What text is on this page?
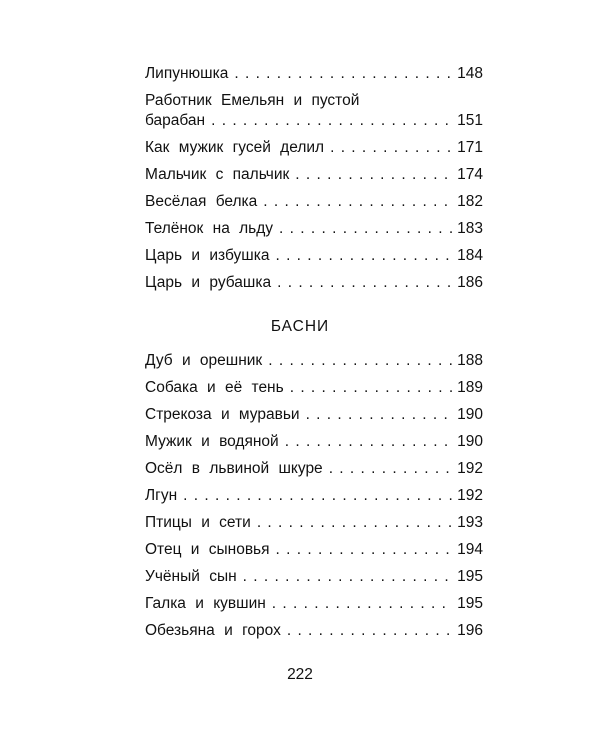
Липунюшка . . .	148
Работник Емельян и пустой
барабан . . .	151
Как мужик гусей делил . . .	171
Мальчик с пальчик . . .	174
Весёлая белка . . .	182
Телёнок на льду . . .	183
Царь и избушка . . .	184
Царь и рубашка . . .	186
БАСНИ
Дуб и орешник . . .	188
Собака и её тень . . .	189
Стрекоза и муравьи . . .	190
Мужик и водяной . . .	190
Осёл в львиной шкуре . . .	192
Лгун . . .	192
Птицы и сети . . .	193
Отец и сыновья . . .	194
Учёный сын . . .	195
Галка и кувшин . . .	195
Обезьяна и горох . . .	196
222
